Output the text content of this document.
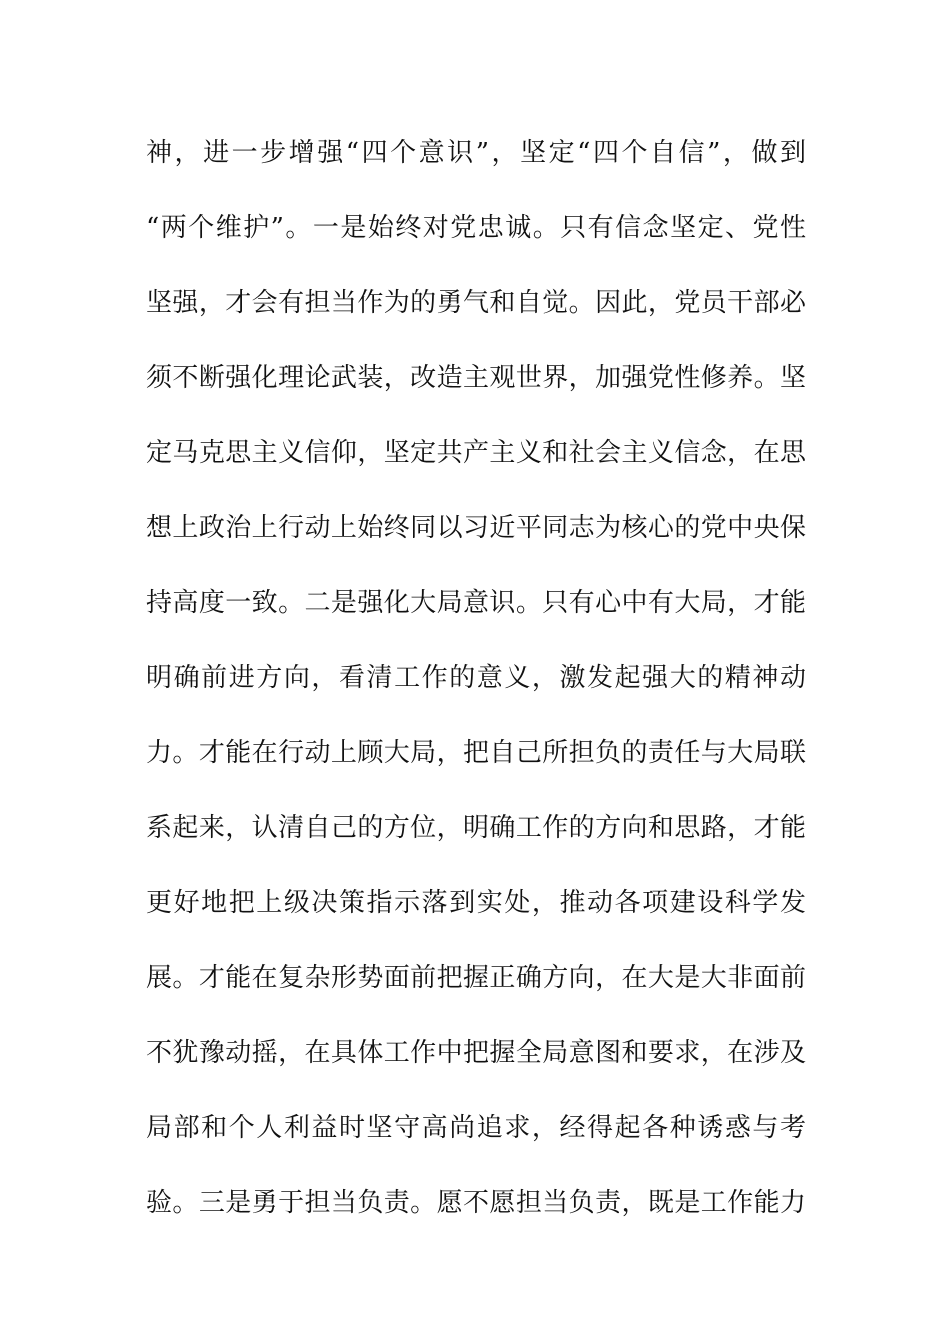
神，进一步增强“四个意识”，坚定“四个自信”，做到
“两个维护”。一是始终对党忠诚。只有信念坚定、党性
坚强，才会有担当作为的勇气和自觉。因此，党员干部必
须不断强化理论武装，改造主观世界，加强党性修养。坚
定马克思主义信仰，坚定共产主义和社会主义信念，在思
想上政治上行动上始终同以习近平同志为核心的党中央保
持高度一致。二是强化大局意识。只有心中有大局，才能
明确前进方向，看清工作的意义，激发起强大的精神动
力。才能在行动上顾大局，把自己所担负的责任与大局联
系起来，认清自己的方位，明确工作的方向和思路，才能
更好地把上级决策指示落到实处，推动各项建设科学发
展。才能在复杂形势面前把握正确方向，在大是大非面前
不犹豫动摇，在具体工作中把握全局意图和要求，在涉及
局部和个人利益时坚守高尚追求，经得起各种诱惑与考
验。三是勇于担当负责。愿不愿担当负责，既是工作能力
